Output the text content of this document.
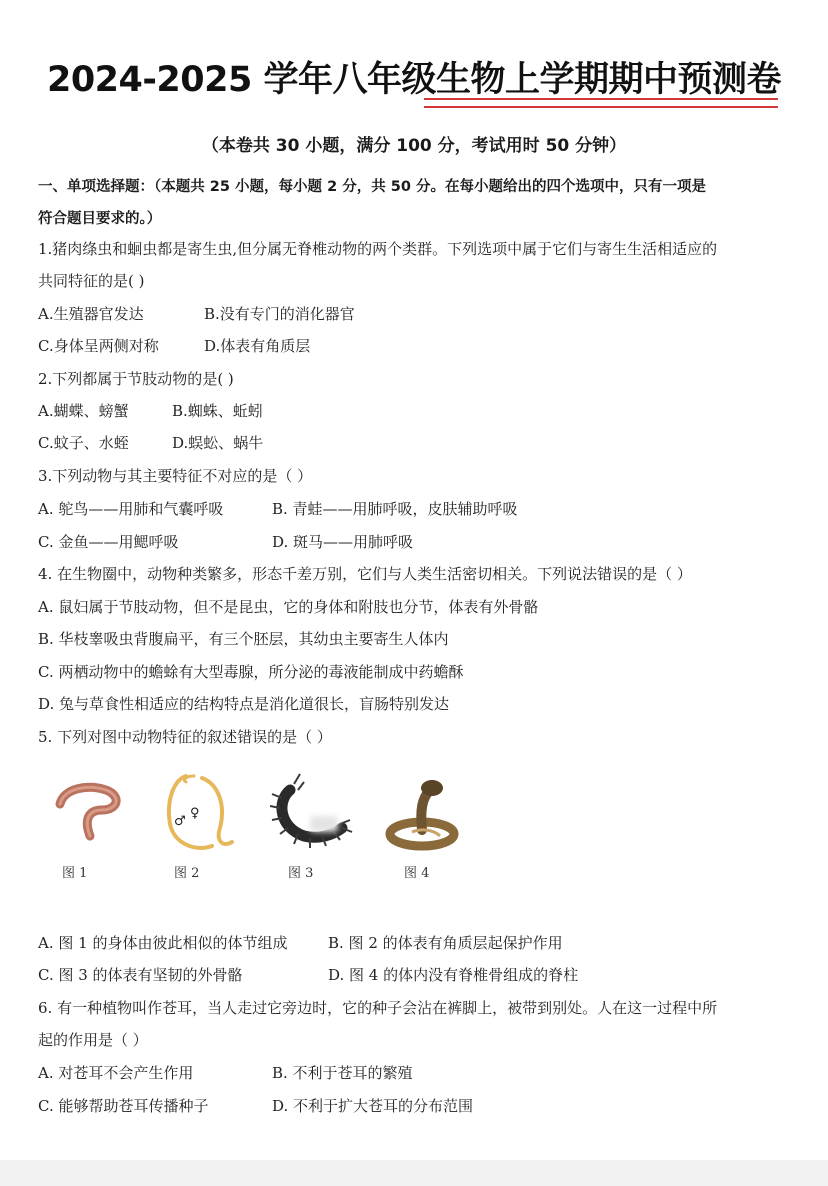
2024-2025 学年八年级生物上学期期中预测卷
（本卷共 30 小题，满分 100 分，考试用时 50 分钟）
一、单项选择题：（本题共 25 小题，每小题 2 分，共 50 分。在每小题给出的四个选项中，只有一项是
符合题目要求的。）
1.猪肉绦虫和蛔虫都是寄生虫,但分属无脊椎动物的两个类群。下列选项中属于它们与寄生生活相适应的
共同特征的是( )
A.生殖器官发达	B.没有专门的消化器官
C.身体呈两侧对称	D.体表有角质层
2.下列都属于节肢动物的是( )
A.蝴蝶、螃蟹	B.蜘蛛、蚯蚓
C.蚊子、水蛭	D.蜈蚣、蜗牛
3.下列动物与其主要特征不对应的是（ ）
A. 鸵鸟——用肺和气囊呼吸	B. 青蛙——用肺呼吸，皮肤辅助呼吸
C. 金鱼——用鳃呼吸	D. 斑马——用肺呼吸
4. 在生物圈中，动物种类繁多，形态千差万别，它们与人类生活密切相关。下列说法错误的是（ ）
A. 鼠妇属于节肢动物，但不是昆虫，它的身体和附肢也分节，体表有外骨骼
B. 华枝睾吸虫背腹扁平，有三个胚层，其幼虫主要寄生人体内
C. 两栖动物中的蟾蜍有大型毒腺，所分泌的毒液能制成中药蟾酥
D. 兔与草食性相适应的结构特点是消化道很长，盲肠特别发达
5. 下列对图中动物特征的叙述错误的是（ ）
图 1
♂
♀
图 2	图 3	图 4
A. 图 1 的身体由彼此相似的体节组成	B. 图 2 的体表有角质层起保护作用
C. 图 3 的体表有坚韧的外骨骼	D. 图 4 的体内没有脊椎骨组成的脊柱
6. 有一种植物叫作苍耳，当人走过它旁边时，它的种子会沾在裤脚上，被带到别处。人在这一过程中所
起的作用是（ ）
A. 对苍耳不会产生作用	B. 不利于苍耳的繁殖
C. 能够帮助苍耳传播种子	D. 不利于扩大苍耳的分布范围
